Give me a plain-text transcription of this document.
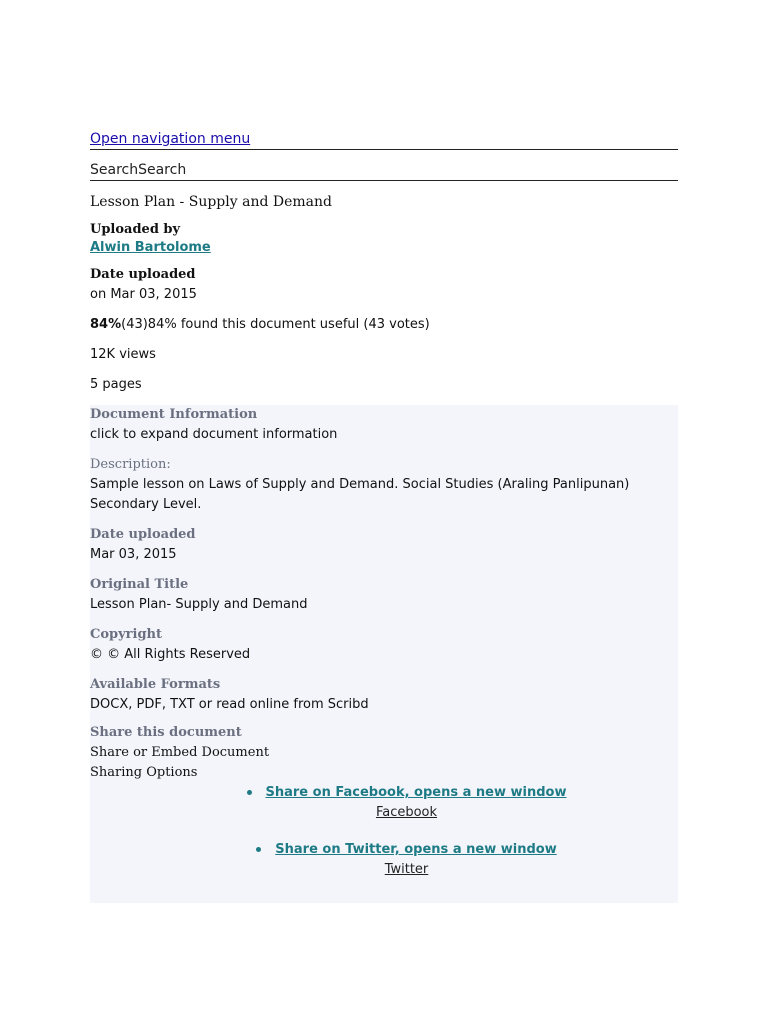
Open navigation menu
SearchSearch
Lesson Plan - Supply and Demand
Uploaded by
Alwin Bartolome
Date uploaded
on Mar 03, 2015
84%(43)84% found this document useful (43 votes)
12K views
5 pages
Document Information
click to expand document information
Description:
Sample lesson on Laws of Supply and Demand. Social Studies (Araling Panlipunan) Secondary Level.
Date uploaded
Mar 03, 2015
Original Title
Lesson Plan- Supply and Demand
Copyright
© © All Rights Reserved
Available Formats
DOCX, PDF, TXT or read online from Scribd
Share this document
Share or Embed Document
Sharing Options
Share on Facebook, opens a new window
Facebook
Share on Twitter, opens a new window
Twitter
